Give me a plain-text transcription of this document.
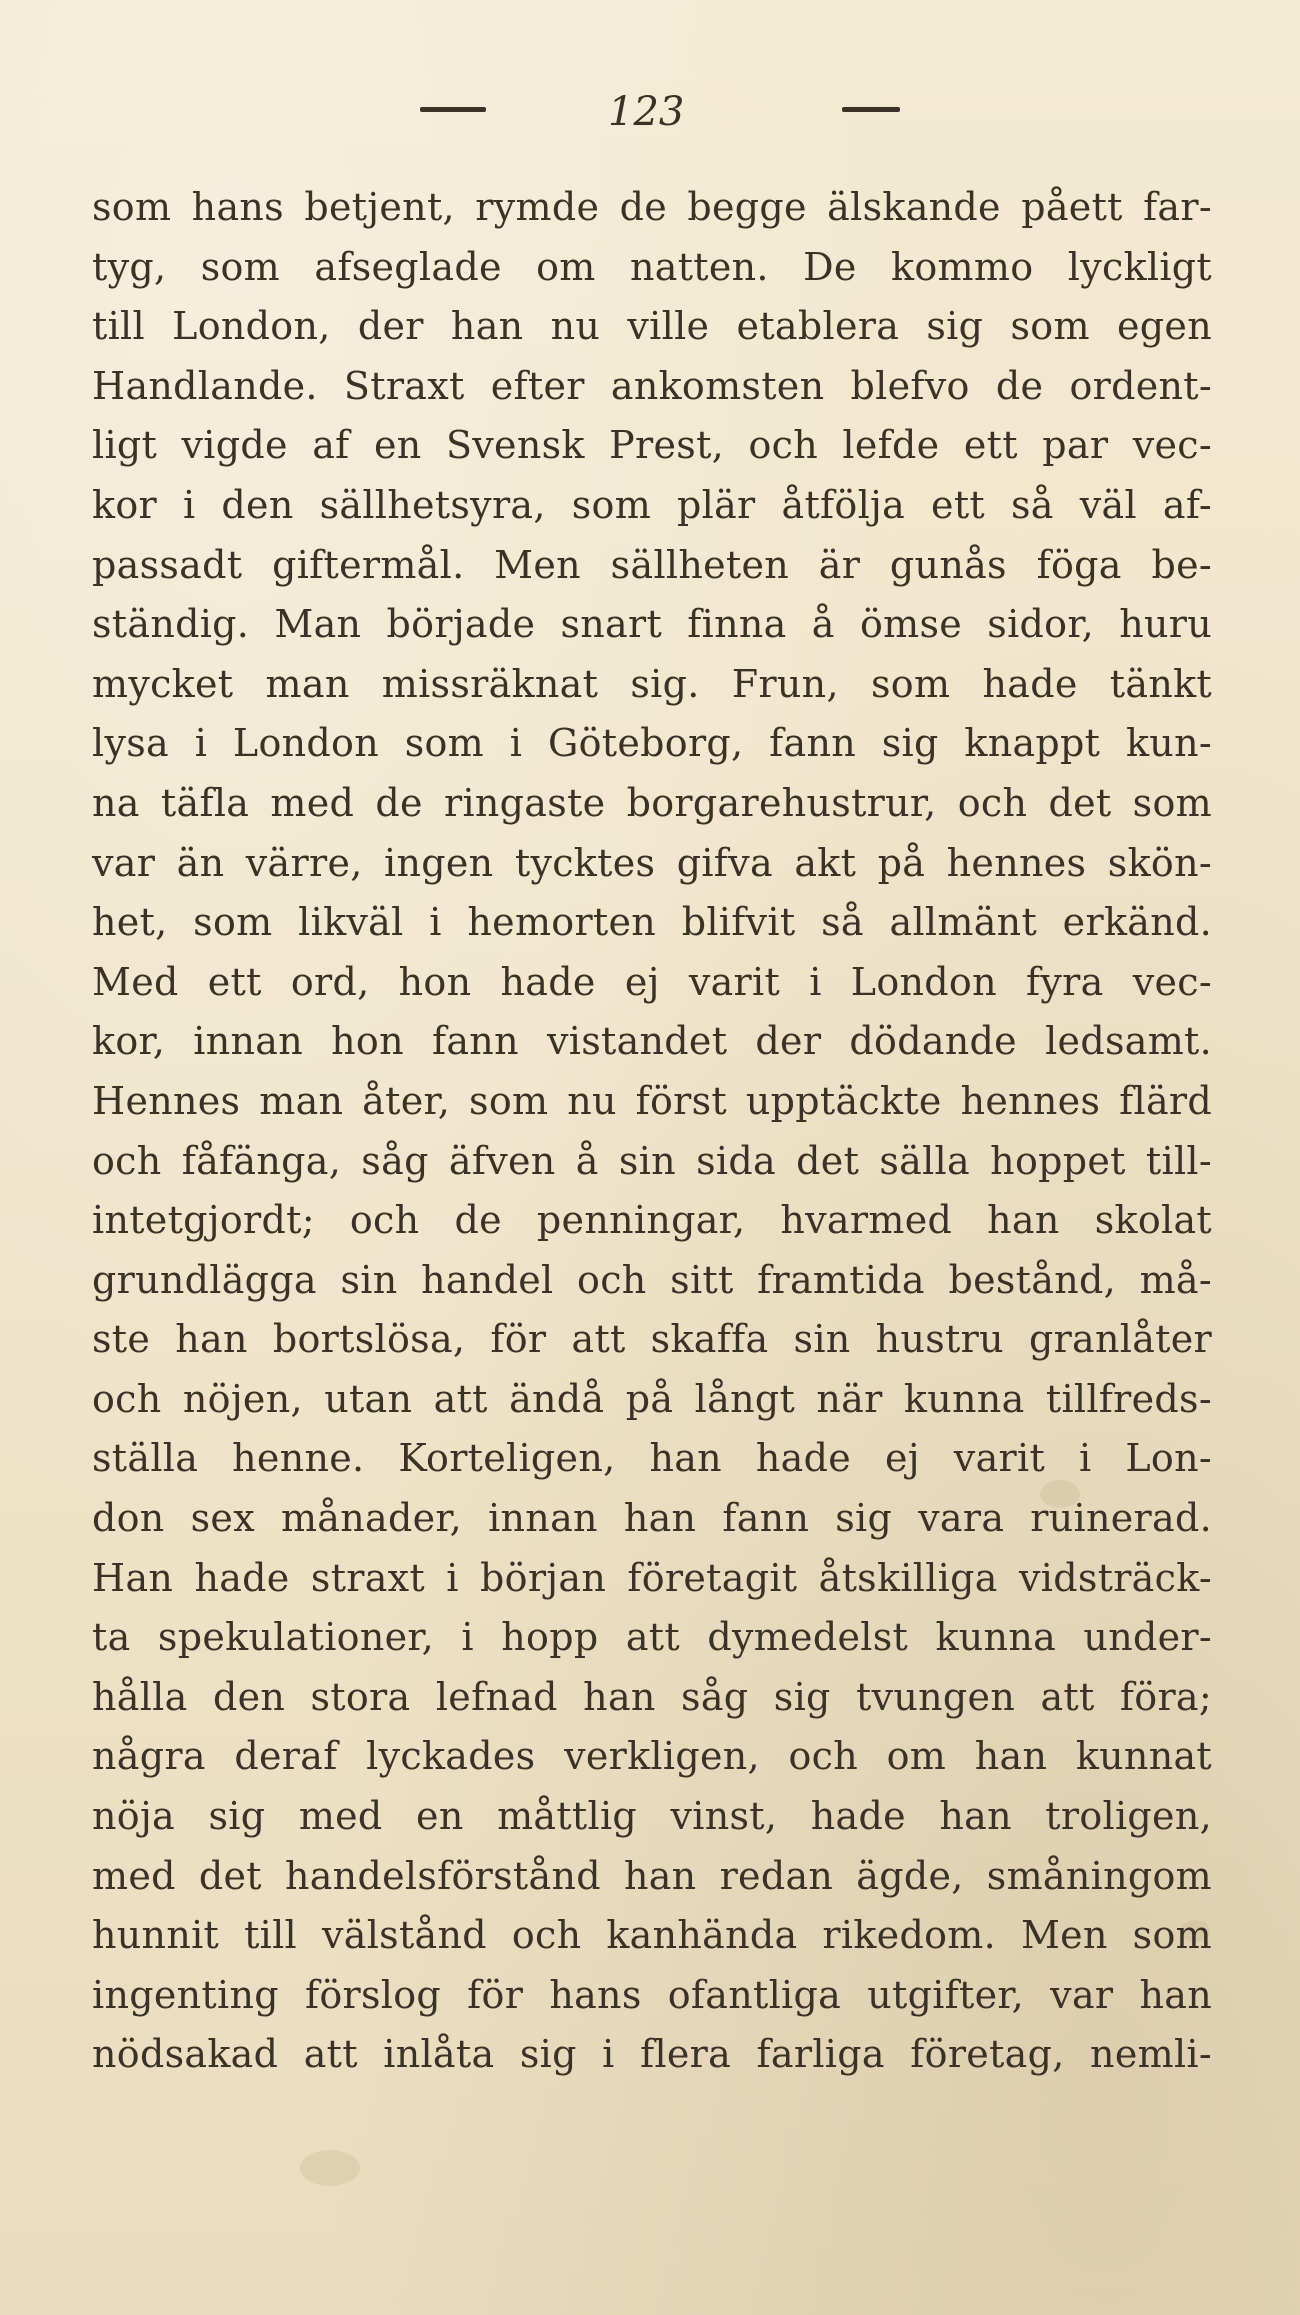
123
som hans betjent, rymde de begge älskande påett far-
tyg, som afseglade om natten. De kommo lyckligt
till London, der han nu ville etablera sig som egen
Handlande. Straxt efter ankomsten blefvo de ordent-
ligt vigde af en Svensk Prest, och lefde ett par vec-
kor i den sällhetsyra, som plär åtfölja ett så väl af-
passadt giftermål. Men sällheten är gunås föga be-
ständig. Man började snart finna å ömse sidor, huru
mycket man missräknat sig. Frun, som hade tänkt
lysa i London som i Göteborg, fann sig knappt kun-
na täfla med de ringaste borgarehustrur, och det som
var än värre, ingen tycktes gifva akt på hennes skön-
het, som likväl i hemorten blifvit så allmänt erkänd.
Med ett ord, hon hade ej varit i London fyra vec-
kor, innan hon fann vistandet der dödande ledsamt.
Hennes man åter, som nu först upptäckte hennes flärd
och fåfänga, såg äfven å sin sida det sälla hoppet till-
intetgjordt; och de penningar, hvarmed han skolat
grundlägga sin handel och sitt framtida bestånd, må-
ste han bortslösa, för att skaffa sin hustru granlåter
och nöjen, utan att ändå på långt när kunna tillfreds-
ställa henne. Korteligen, han hade ej varit i Lon-
don sex månader, innan han fann sig vara ruinerad.
Han hade straxt i början företagit åtskilliga vidsträck-
ta spekulationer, i hopp att dymedelst kunna under-
hålla den stora lefnad han såg sig tvungen att föra;
några deraf lyckades verkligen, och om han kunnat
nöja sig med en måttlig vinst, hade han troligen,
med det handelsförstånd han redan ägde, småningom
hunnit till välstånd och kanhända rikedom. Men som
ingenting förslog för hans ofantliga utgifter, var han
nödsakad att inlåta sig i flera farliga företag, nemli-
